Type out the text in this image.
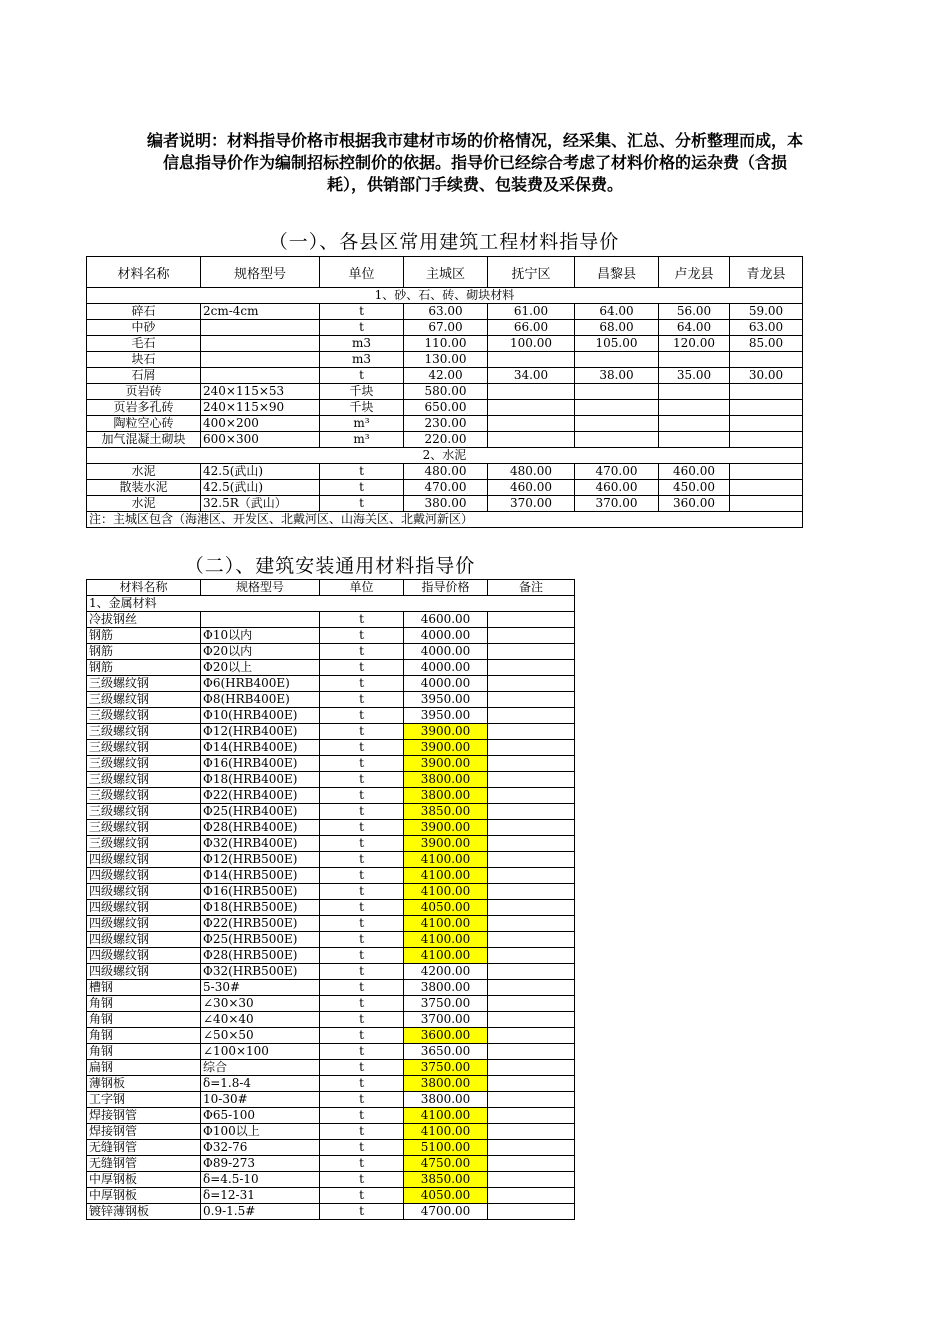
编者说明：材料指导价格市根据我市建材市场的价格情况，经采集、汇总、分析整理而成，本
信息指导价作为编制招标控制价的依据。指导价已经综合考虑了材料价格的运杂费（含损
耗），供销部门手续费、包装费及采保费。
（一）、各县区常用建筑工程材料指导价
材料名称	规格型号	单位	主城区	抚宁区	昌黎县	卢龙县	青龙县
1、砂、石、砖、砌块材料							
碎石	2cm-4cm	t	63.00	61.00	64.00	56.00	59.00
中砂		t	67.00	66.00	68.00	64.00	63.00
毛石		m3	110.00	100.00	105.00	120.00	85.00
块石		m3	130.00				
石屑		t	42.00	34.00	38.00	35.00	30.00
页岩砖	240×115×53	千块	580.00				
页岩多孔砖	240×115×90	千块	650.00				
陶粒空心砖	400×200	m³	230.00				
加气混凝土砌块	600×300	m³	220.00				
2、水泥							
水泥	42.5(武山)	t	480.00	480.00	470.00	460.00	
散装水泥	42.5(武山)	t	470.00	460.00	460.00	450.00	
水泥	32.5R（武山）	t	380.00	370.00	370.00	360.00	
注：主城区包含（海港区、开发区、北戴河区、山海关区、北戴河新区）							
（二）、建筑安装通用材料指导价
材料名称	规格型号	单位	指导价格	备注
1、金属材料				
冷拔钢丝		t	4600.00	
钢筋	Φ10以内	t	4000.00	
钢筋	Φ20以内	t	4000.00	
钢筋	Φ20以上	t	4000.00	
三级螺纹钢	Φ6(HRB400E)	t	4000.00	
三级螺纹钢	Φ8(HRB400E)	t	3950.00	
三级螺纹钢	Φ10(HRB400E)	t	3950.00	
三级螺纹钢	Φ12(HRB400E)	t	3900.00	
三级螺纹钢	Φ14(HRB400E)	t	3900.00	
三级螺纹钢	Φ16(HRB400E)	t	3900.00	
三级螺纹钢	Φ18(HRB400E)	t	3800.00	
三级螺纹钢	Φ22(HRB400E)	t	3800.00	
三级螺纹钢	Φ25(HRB400E)	t	3850.00	
三级螺纹钢	Φ28(HRB400E)	t	3900.00	
三级螺纹钢	Φ32(HRB400E)	t	3900.00	
四级螺纹钢	Φ12(HRB500E)	t	4100.00	
四级螺纹钢	Φ14(HRB500E)	t	4100.00	
四级螺纹钢	Φ16(HRB500E)	t	4100.00	
四级螺纹钢	Φ18(HRB500E)	t	4050.00	
四级螺纹钢	Φ22(HRB500E)	t	4100.00	
四级螺纹钢	Φ25(HRB500E)	t	4100.00	
四级螺纹钢	Φ28(HRB500E)	t	4100.00	
四级螺纹钢	Φ32(HRB500E)	t	4200.00	
槽钢	5-30#	t	3800.00	
角钢	∠30×30	t	3750.00	
角钢	∠40×40	t	3700.00	
角钢	∠50×50	t	3600.00	
角钢	∠100×100	t	3650.00	
扁钢	综合	t	3750.00	
薄钢板	δ=1.8-4	t	3800.00	
工字钢	10-30#	t	3800.00	
焊接钢管	Φ65-100	t	4100.00	
焊接钢管	Φ100以上	t	4100.00	
无缝钢管	Φ32-76	t	5100.00	
无缝钢管	Φ89-273	t	4750.00	
中厚钢板	δ=4.5-10	t	3850.00	
中厚钢板	δ=12-31	t	4050.00	
镀锌薄钢板	0.9-1.5#	t	4700.00	
